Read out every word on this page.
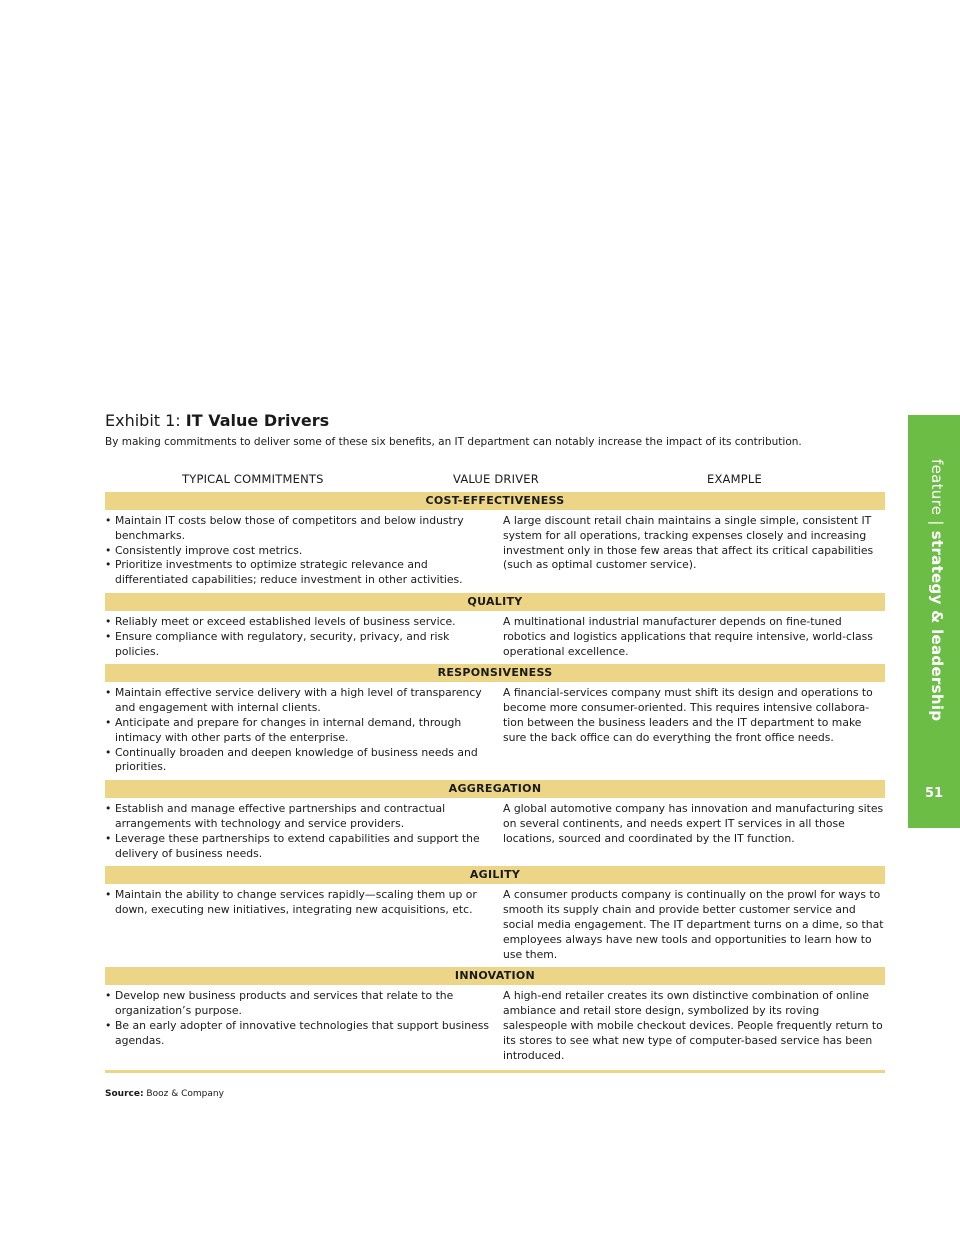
Exhibit 1: IT Value Drivers

By making commitments to deliver some of these six benefits, an IT department can notably increase the impact of its contribution.
TYPICAL COMMITMENTS	VALUE DRIVER	EXAMPLE
COST-EFFECTIVENESS
• Maintain IT costs below those of competitors and below industry benchmarks.
• Consistently improve cost metrics.
• Prioritize investments to optimize strategic relevance and differentiated capabilities; reduce investment in other activities.
A large discount retail chain maintains a single simple, consistent IT system for all operations, tracking expenses closely and increasing investment only in those few areas that affect its critical capabilities (such as optimal customer service).
QUALITY
• Reliably meet or exceed established levels of business service.
• Ensure compliance with regulatory, security, privacy, and risk policies.
A multinational industrial manufacturer depends on fine-tuned robotics and logistics applications that require intensive, world-class operational excellence.
RESPONSIVENESS
• Maintain effective service delivery with a high level of transparency and engagement with internal clients.
• Anticipate and prepare for changes in internal demand, through intimacy with other parts of the enterprise.
• Continually broaden and deepen knowledge of business needs and priorities.
A financial-services company must shift its design and operations to become more consumer-oriented. This requires intensive collabora-tion between the business leaders and the IT department to make sure the back office can do everything the front office needs.
AGGREGATION
• Establish and manage effective partnerships and contractual arrangements with technology and service providers.
• Leverage these partnerships to extend capabilities and support the delivery of business needs.
A global automotive company has innovation and manufacturing sites on several continents, and needs expert IT services in all those locations, sourced and coordinated by the IT function.
AGILITY
• Maintain the ability to change services rapidly—scaling them up or down, executing new initiatives, integrating new acquisitions, etc.
A consumer products company is continually on the prowl for ways to smooth its supply chain and provide better customer service and social media engagement. The IT department turns on a dime, so that employees always have new tools and opportunities to learn how to use them.
INNOVATION
• Develop new business products and services that relate to the organization’s purpose.
• Be an early adopter of innovative technologies that support business agendas.
A high-end retailer creates its own distinctive combination of online ambiance and retail store design, symbolized by its roving salespeople with mobile checkout devices. People frequently return to its stores to see what new type of computer-based service has been introduced.
Source: Booz & Company
feature | strategy & leadership
51
